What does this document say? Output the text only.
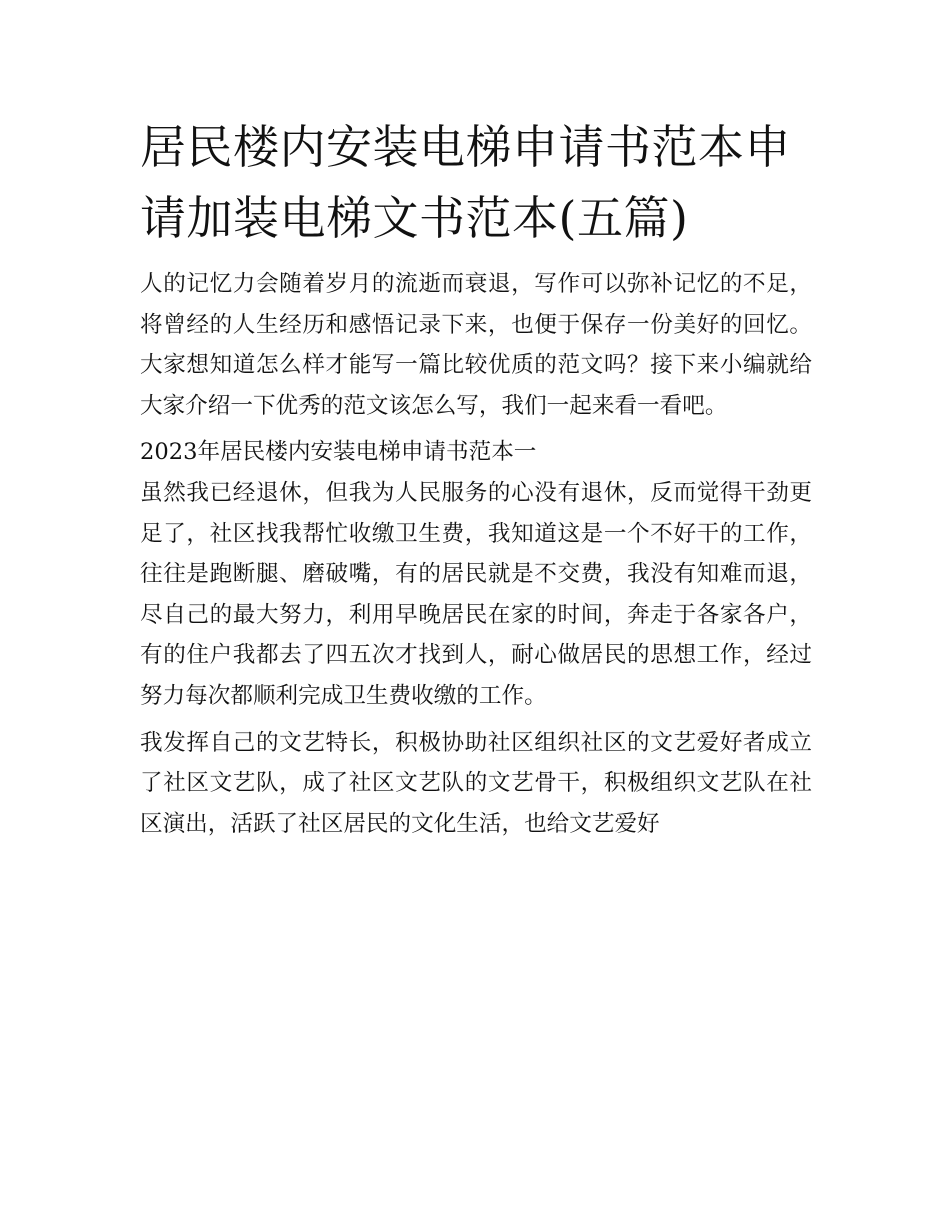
居民楼内安装电梯申请书范本申请加装电梯文书范本(五篇)

人的记忆力会随着岁月的流逝而衰退，写作可以弥补记忆的不足，将曾经的人生经历和感悟记录下来，也便于保存一份美好的回忆。大家想知道怎么样才能写一篇比较优质的范文吗？接下来小编就给大家介绍一下优秀的范文该怎么写，我们一起来看一看吧。

2023年居民楼内安装电梯申请书范本一

虽然我已经退休，但我为人民服务的心没有退休，反而觉得干劲更足了，社区找我帮忙收缴卫生费，我知道这是一个不好干的工作，往往是跑断腿、磨破嘴，有的居民就是不交费，我没有知难而退，尽自己的最大努力，利用早晚居民在家的时间，奔走于各家各户，有的住户我都去了四五次才找到人，耐心做居民的思想工作，经过努力每次都顺利完成卫生费收缴的工作。

我发挥自己的文艺特长，积极协助社区组织社区的文艺爱好者成立了社区文艺队，成了社区文艺队的文艺骨干，积极组织文艺队在社区演出，活跃了社区居民的文化生活，也给文艺爱好
